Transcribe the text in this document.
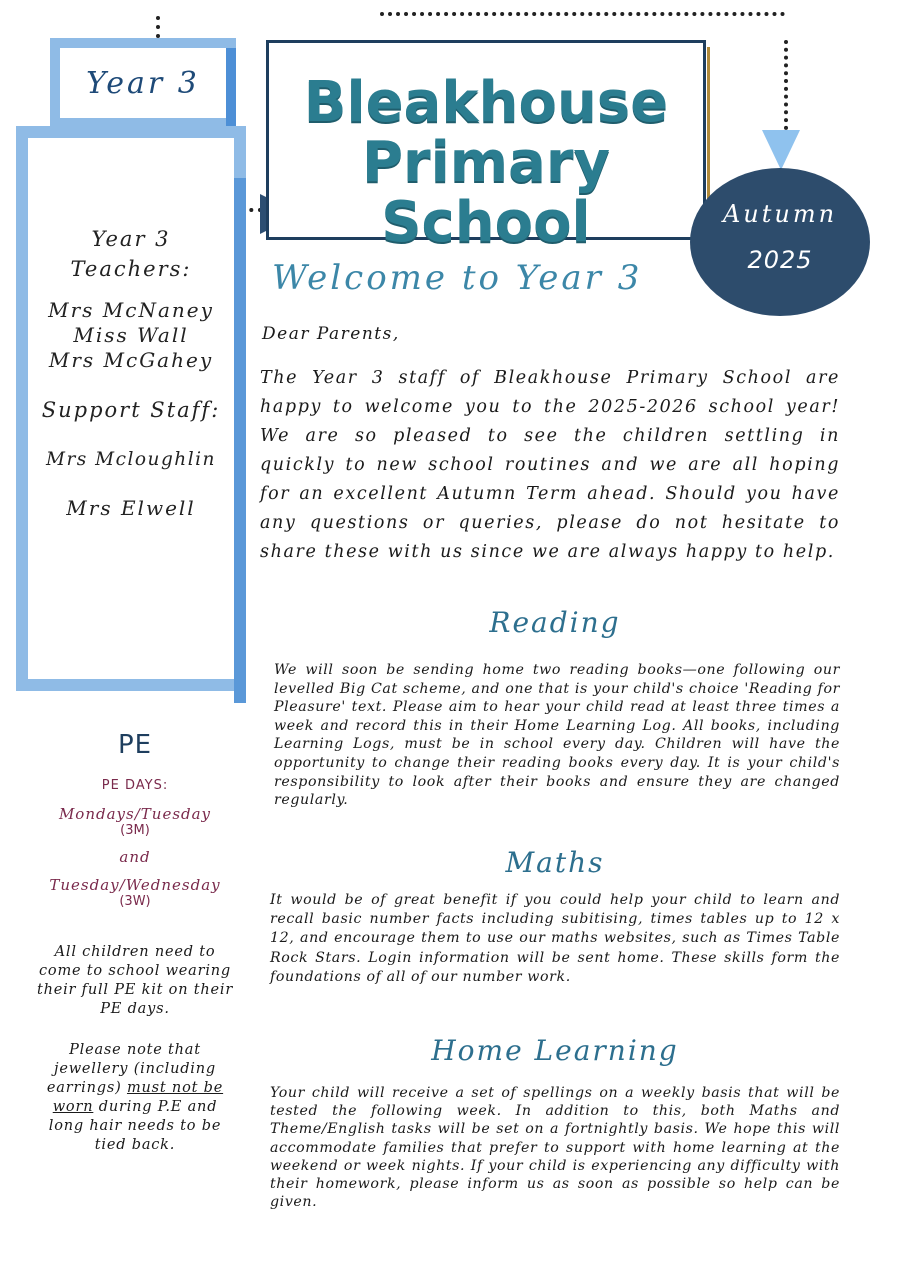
Year 3
Year 3
Teachers:
Mrs McNaney
Miss Wall
Mrs McGahey
Support Staff:
Mrs Mcloughlin
Mrs Elwell
Bleakhouse
Primary School	Autumn
2025
Welcome to Year 3
Dear Parents,
The Year 3 staff of Bleakhouse Primary School are happy to welcome you to the 2025-2026 school year! We are so pleased to see the children settling in quickly to new school routines and we are all hoping for an excellent Autumn Term ahead. Should you have any questions or queries, please do not hesitate to share these with us since we are always happy to help.
Reading
We will soon be sending home two reading books—one following our levelled Big Cat scheme, and one that is your child's choice 'Reading for Pleasure' text. Please aim to hear your child read at least three times a week and record this in their Home Learning Log. All books, including Learning Logs, must be in school every day. Children will have the opportunity to change their reading books every day. It is your child's responsibility to look after their books and ensure they are changed regularly.
Maths
It would be of great benefit if you could help your child to learn and recall basic number facts including subitising, times tables up to 12 x 12, and encourage them to use our maths websites, such as Times Table Rock Stars. Login information will be sent home. These skills form the foundations of all of our number work.
Home Learning
Your child will receive a set of spellings on a weekly basis that will be tested the following week. In addition to this, both Maths and Theme/English tasks will be set on a fortnightly basis. We hope this will accommodate families that prefer to support with home learning at the weekend or week nights. If your child is experiencing any difficulty with their homework, please inform us as soon as possible so help can be given.
PE
PE DAYS:
Mondays/Tuesday
(3M)
and
Tuesday/Wednesday
(3W)
All children need to come to school wearing their full PE kit on their PE days.
Please note that jewellery (including earrings) must not be worn during P.E and long hair needs to be tied back.
